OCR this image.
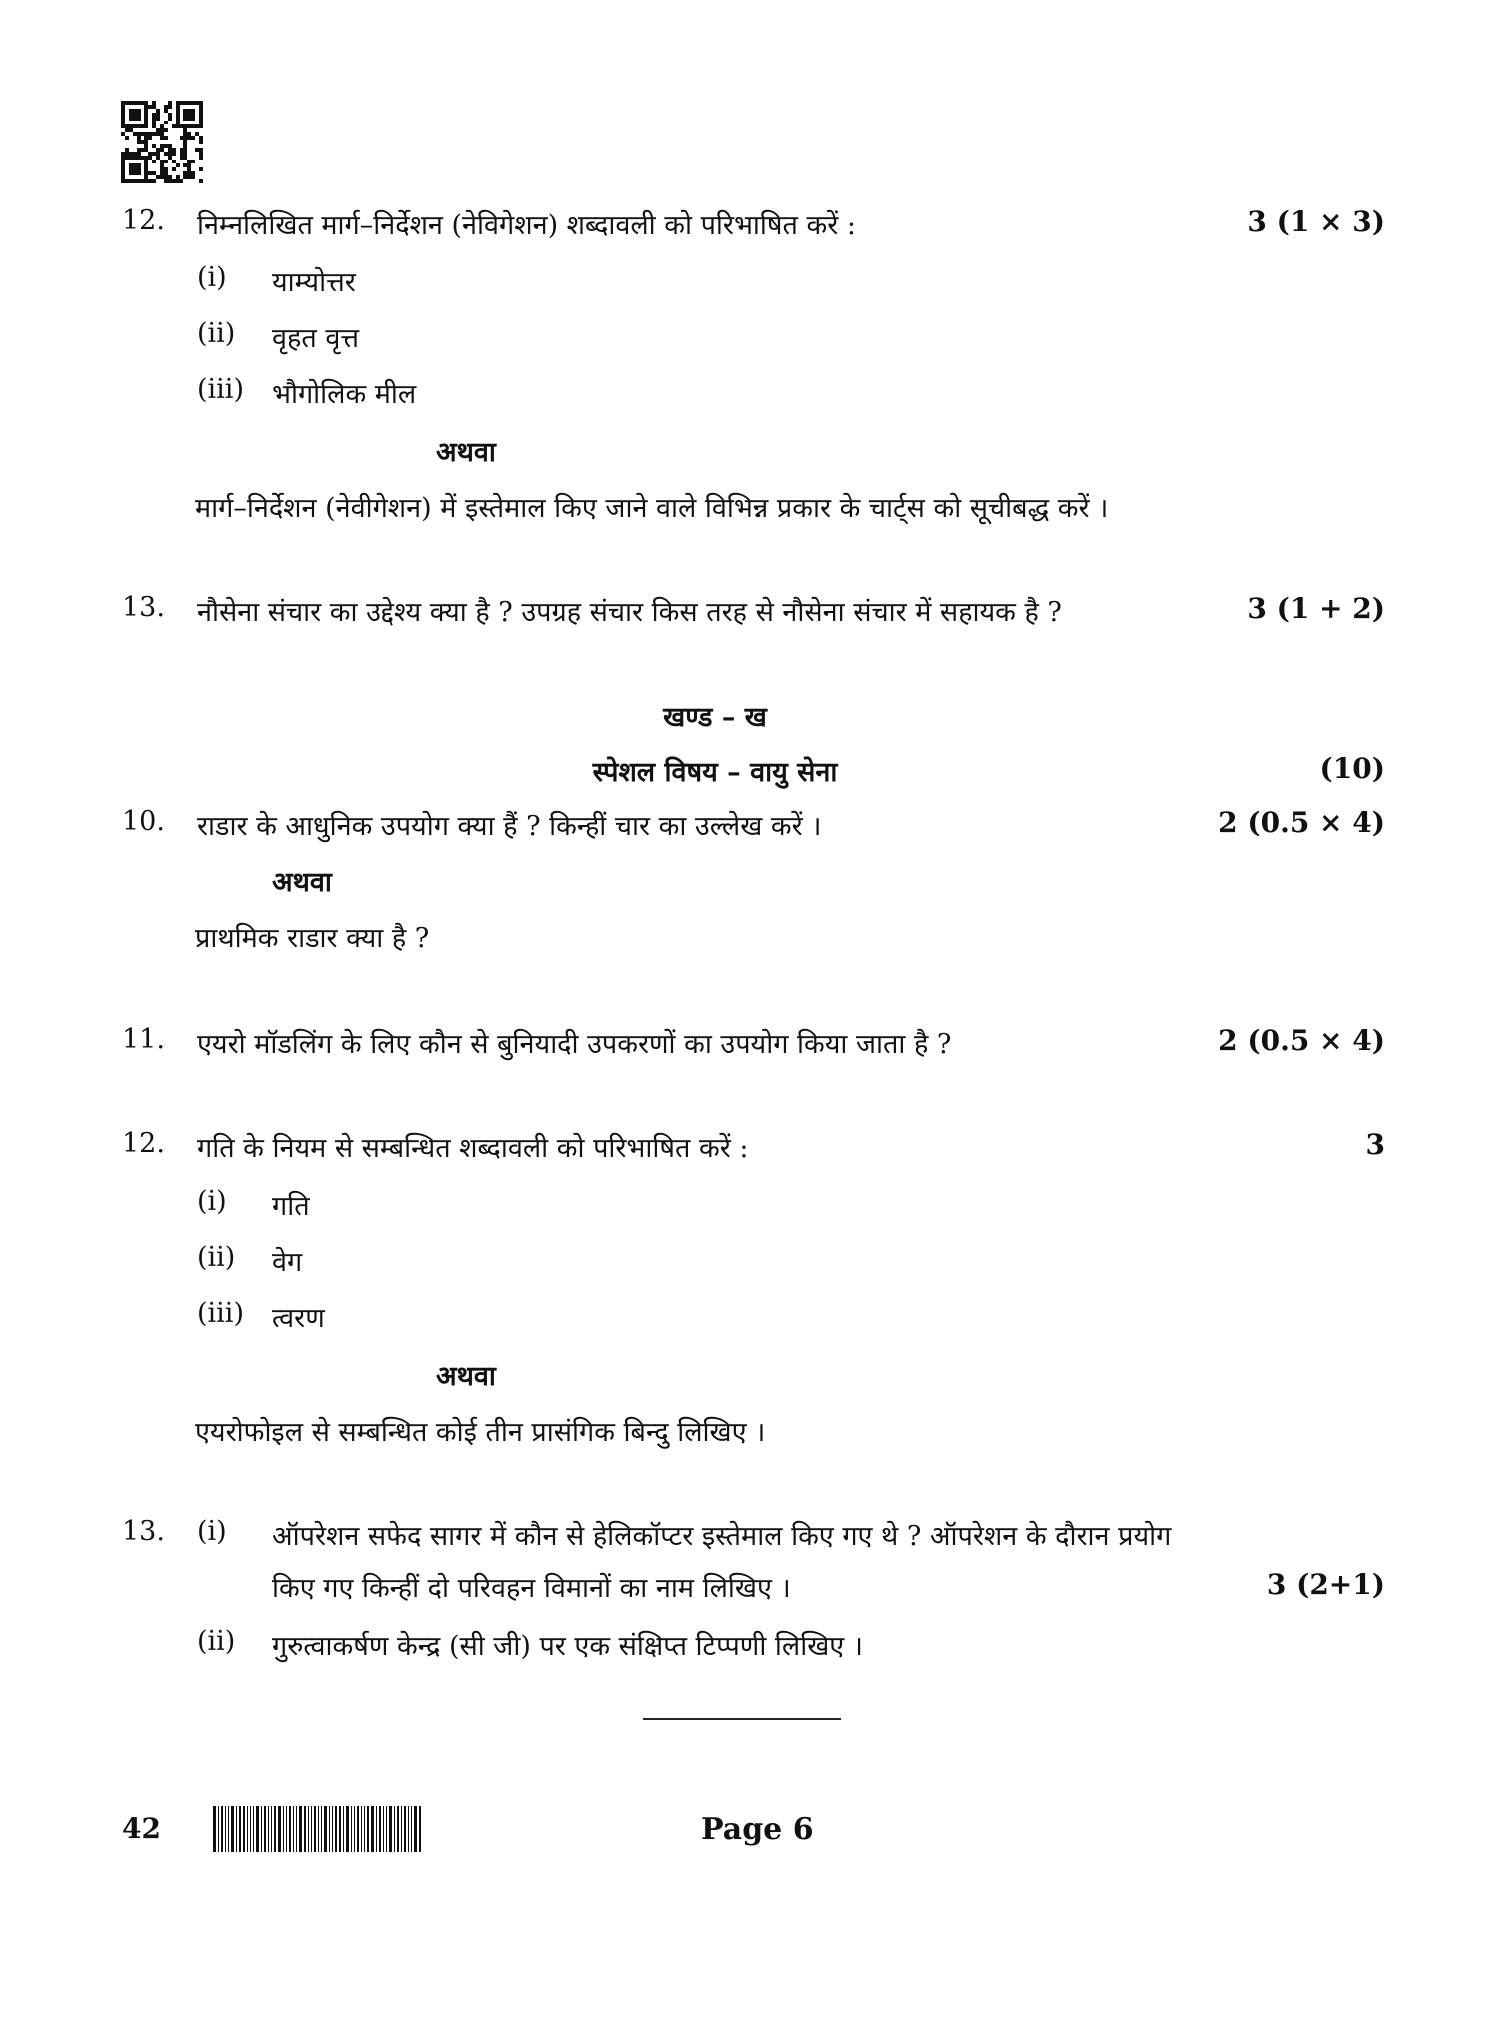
12. निम्नलिखित मार्ग–निर्देशन (नेविगेशन) शब्दावली को परिभाषित करें :	3 (1 × 3)
(i) याम्योत्तर
(ii) वृहत वृत्त
(iii) भौगोलिक मील
अथवा
मार्ग–निर्देशन (नेवीगेशन) में इस्तेमाल किए जाने वाले विभिन्न प्रकार के चार्ट्स को सूचीबद्ध करें ।
13. नौसेना संचार का उद्देश्य क्या है ? उपग्रह संचार किस तरह से नौसेना संचार में सहायक है ?	3 (1 + 2)
खण्ड – ख
स्पेशल विषय – वायु सेना	(10)
10. राडार के आधुनिक उपयोग क्या हैं ? किन्हीं चार का उल्लेख करें ।	2 (0.5 × 4)
अथवा
प्राथमिक राडार क्या है ?
11. एयरो मॉडलिंग के लिए कौन से बुनियादी उपकरणों का उपयोग किया जाता है ?	2 (0.5 × 4)
12. गति के नियम से सम्बन्धित शब्दावली को परिभाषित करें :	3
(i) गति
(ii) वेग
(iii) त्वरण
अथवा
एयरोफोइल से सम्बन्धित कोई तीन प्रासंगिक बिन्दु लिखिए ।
13. (i) ऑपरेशन सफेद सागर में कौन से हेलिकॉप्टर इस्तेमाल किए गए थे ? ऑपरेशन के दौरान प्रयोग
किए गए किन्हीं दो परिवहन विमानों का नाम लिखिए ।	3 (2+1)
(ii) गुरुत्वाकर्षण केन्द्र (सी जी) पर एक संक्षिप्त टिप्पणी लिखिए ।
42	Page 6
